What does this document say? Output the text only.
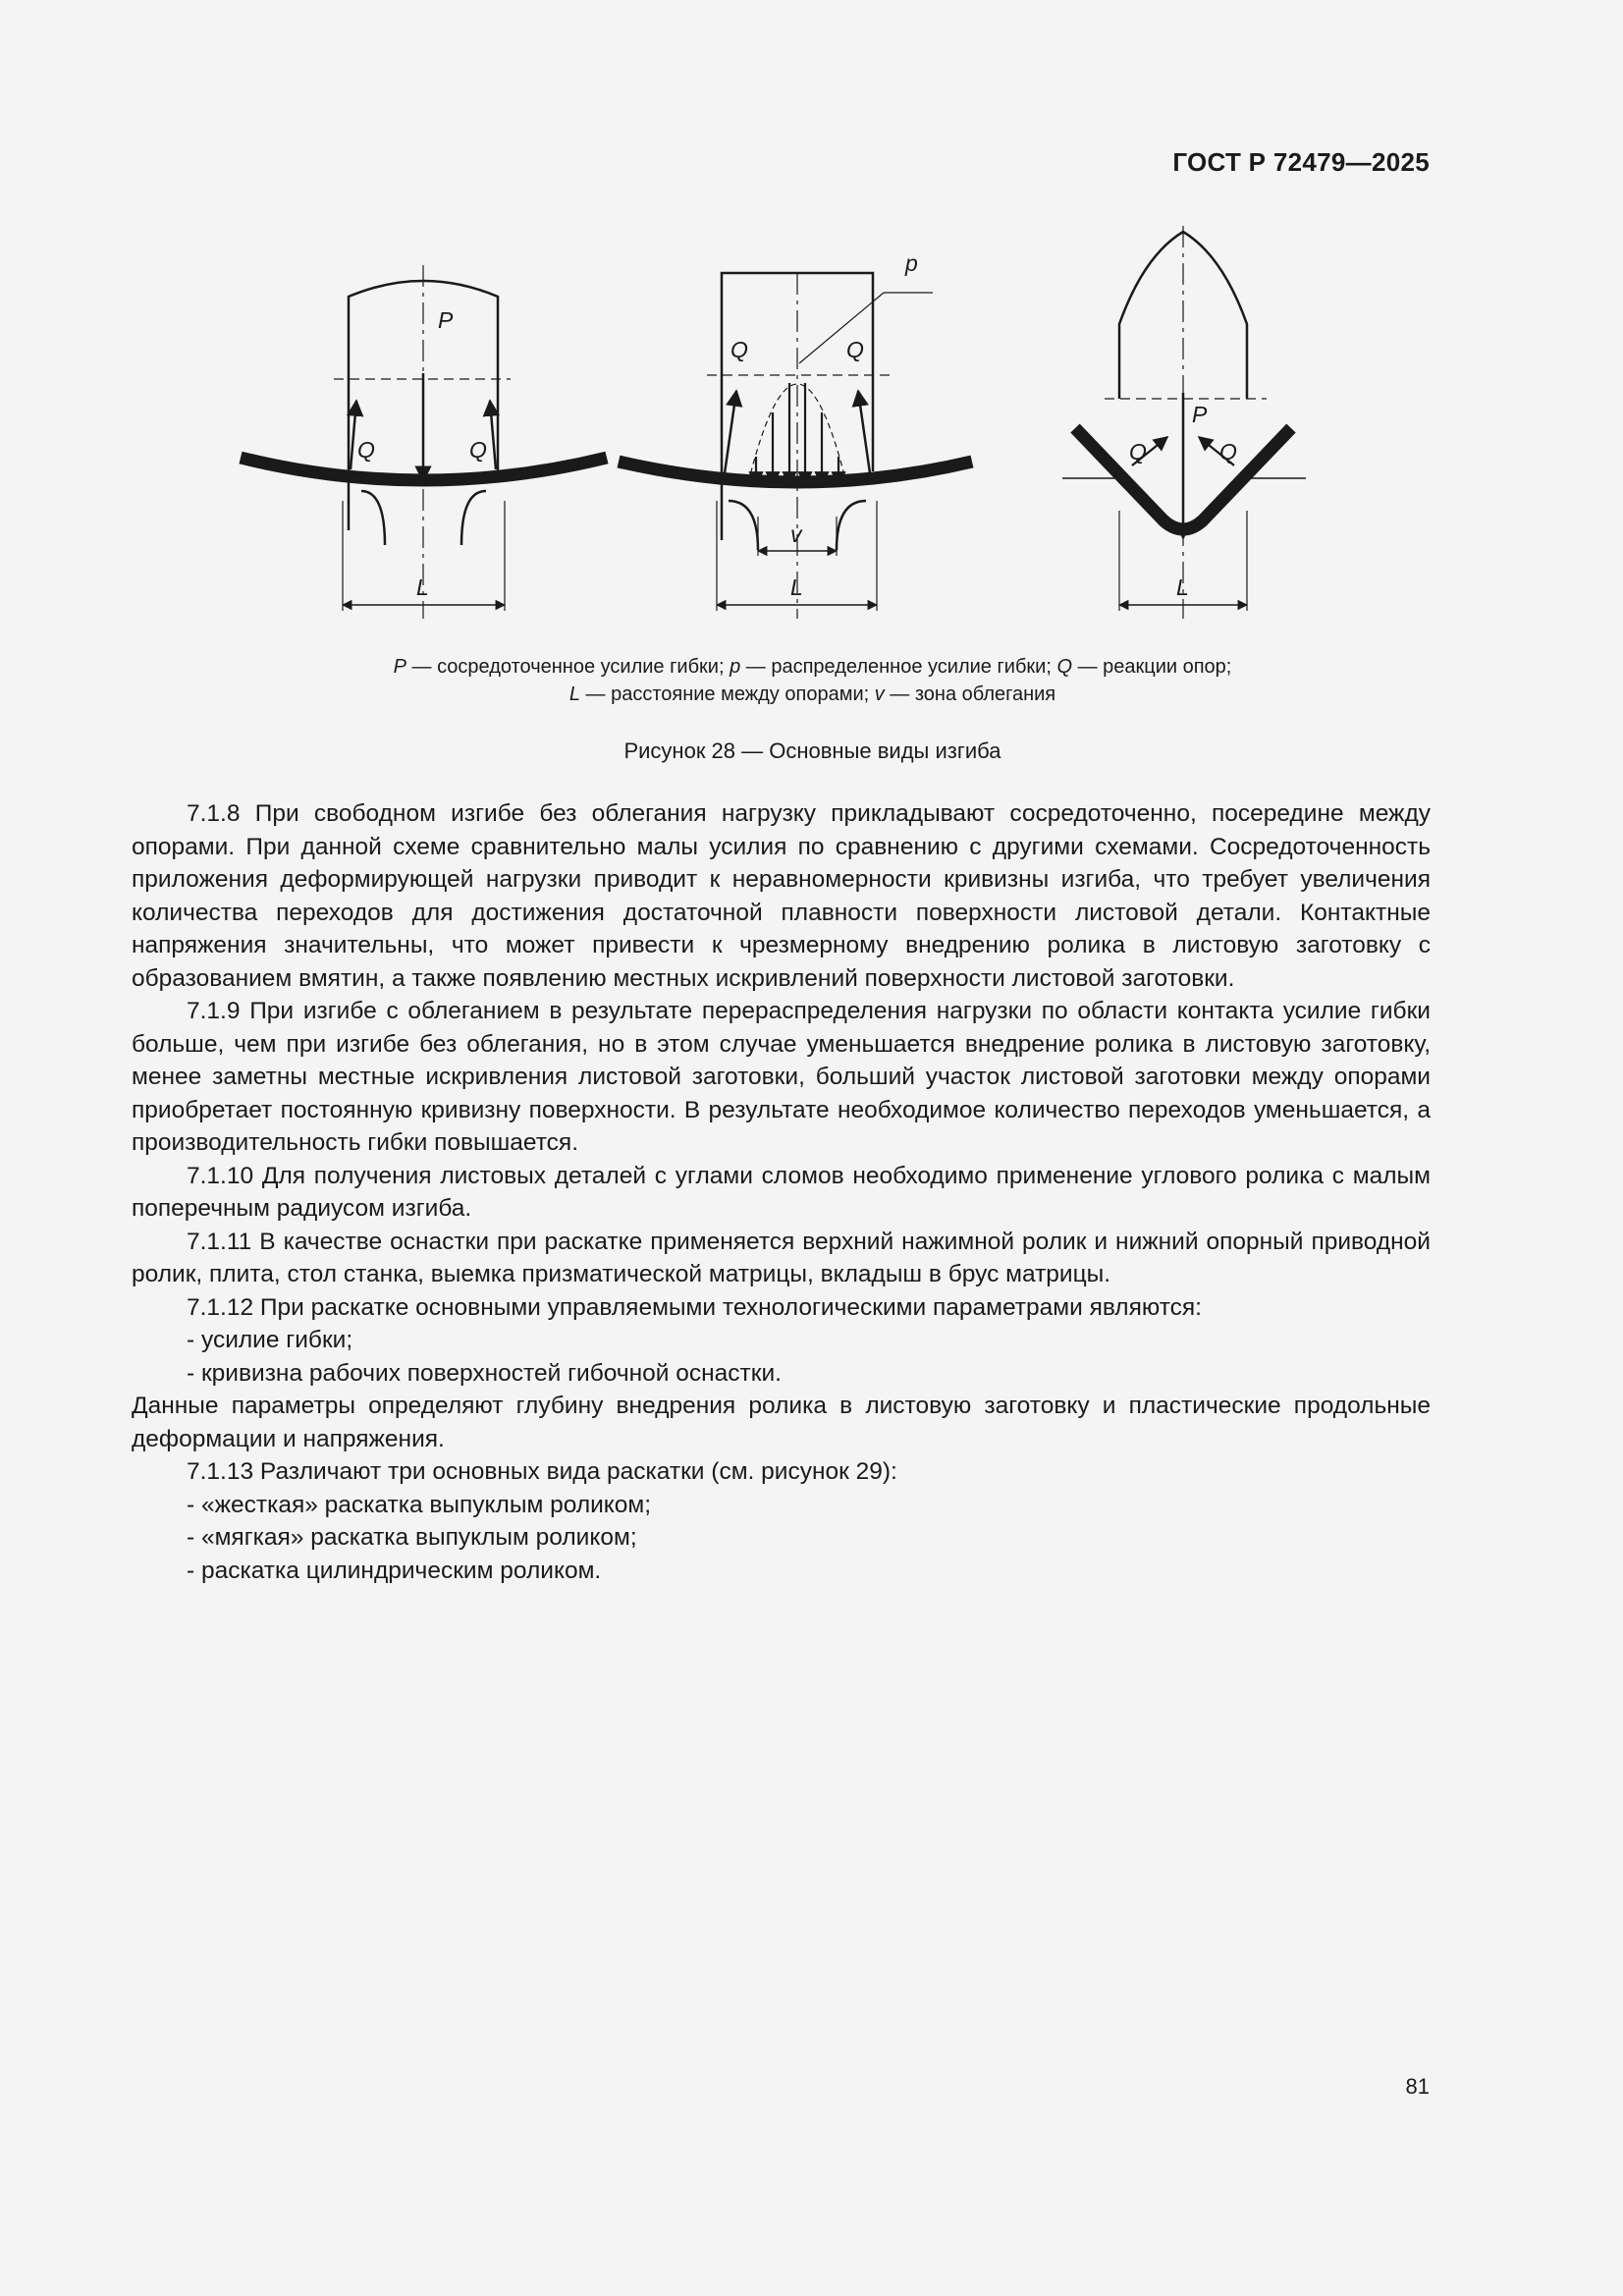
ГОСТ Р 72479—2025
P
Q	Q
L
Q	Q
p
v
L
P
Q	Q
L
P — сосредоточенное усилие гибки; p — распределенное усилие гибки; Q — реакции опор;
L — расстояние между опорами; v — зона облегания
Рисунок 28 — Основные виды изгиба

7.1.8 При свободном изгибе без облегания нагрузку прикладывают сосредоточенно, посередине между опорами. При данной схеме сравнительно малы усилия по сравнению с другими схемами. Сосредоточенность приложения деформирующей нагрузки приводит к неравномерности кривизны изгиба, что требует увеличения количества переходов для достижения достаточной плавности поверхности листовой детали. Контактные напряжения значительны, что может привести к чрезмерному внедрению ролика в листовую заготовку с образованием вмятин, а также появлению местных искривлений поверхности листовой заготовки.

7.1.9 При изгибе с облеганием в результате перераспределения нагрузки по области контакта усилие гибки больше, чем при изгибе без облегания, но в этом случае уменьшается внедрение ролика в листовую заготовку, менее заметны местные искривления листовой заготовки, больший участок листовой заготовки между опорами приобретает постоянную кривизну поверхности. В результате необходимое количество переходов уменьшается, а производительность гибки повышается.

7.1.10 Для получения листовых деталей с углами сломов необходимо применение углового ролика с малым поперечным радиусом изгиба.

7.1.11 В качестве оснастки при раскатке применяется верхний нажимной ролик и нижний опорный приводной ролик, плита, стол станка, выемка призматической матрицы, вкладыш в брус матрицы.

7.1.12 При раскатке основными управляемыми технологическими параметрами являются:

- усилие гибки;

- кривизна рабочих поверхностей гибочной оснастки.

Данные параметры определяют глубину внедрения ролика в листовую заготовку и пластические продольные деформации и напряжения.

7.1.13 Различают три основных вида раскатки (см. рисунок 29):

- «жесткая» раскатка выпуклым роликом;

- «мягкая» раскатка выпуклым роликом;

- раскатка цилиндрическим роликом.

81
